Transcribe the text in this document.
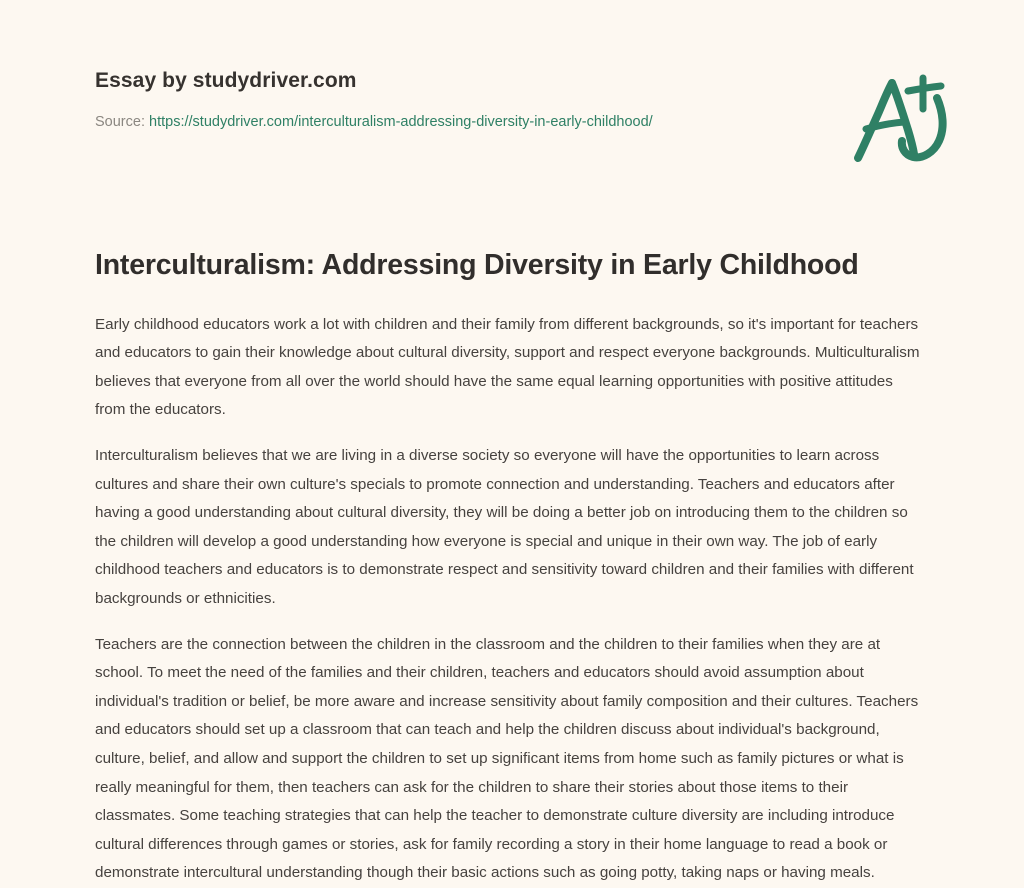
Essay by studydriver.com

Source: https://studydriver.com/interculturalism-addressing-diversity-in-early-childhood/

Interculturalism: Addressing Diversity in Early Childhood

Early childhood educators work a lot with children and their family from different backgrounds, so it's important for teachers and educators to gain their knowledge about cultural diversity, support and respect everyone backgrounds. Multiculturalism believes that everyone from all over the world should have the same equal learning opportunities with positive attitudes from the educators.

Interculturalism believes that we are living in a diverse society so everyone will have the opportunities to learn across cultures and share their own culture's specials to promote connection and understanding. Teachers and educators after having a good understanding about cultural diversity, they will be doing a better job on introducing them to the children so the children will develop a good understanding how everyone is special and unique in their own way. The job of early childhood teachers and educators is to demonstrate respect and sensitivity toward children and their families with different backgrounds or ethnicities.

Teachers are the connection between the children in the classroom and the children to their families when they are at school. To meet the need of the families and their children, teachers and educators should avoid assumption about individual's tradition or belief, be more aware and increase sensitivity about family composition and their cultures. Teachers and educators should set up a classroom that can teach and help the children discuss about individual's background, culture, belief, and allow and support the children to set up significant items from home such as family pictures or what is really meaningful for them, then teachers can ask for the children to share their stories about those items to their classmates. Some teaching strategies that can help the teacher to demonstrate culture diversity are including introduce cultural differences through games or stories, ask for family recording a story in their home language to read a book or demonstrate intercultural understanding though their basic actions such as going potty, taking naps or having meals.
